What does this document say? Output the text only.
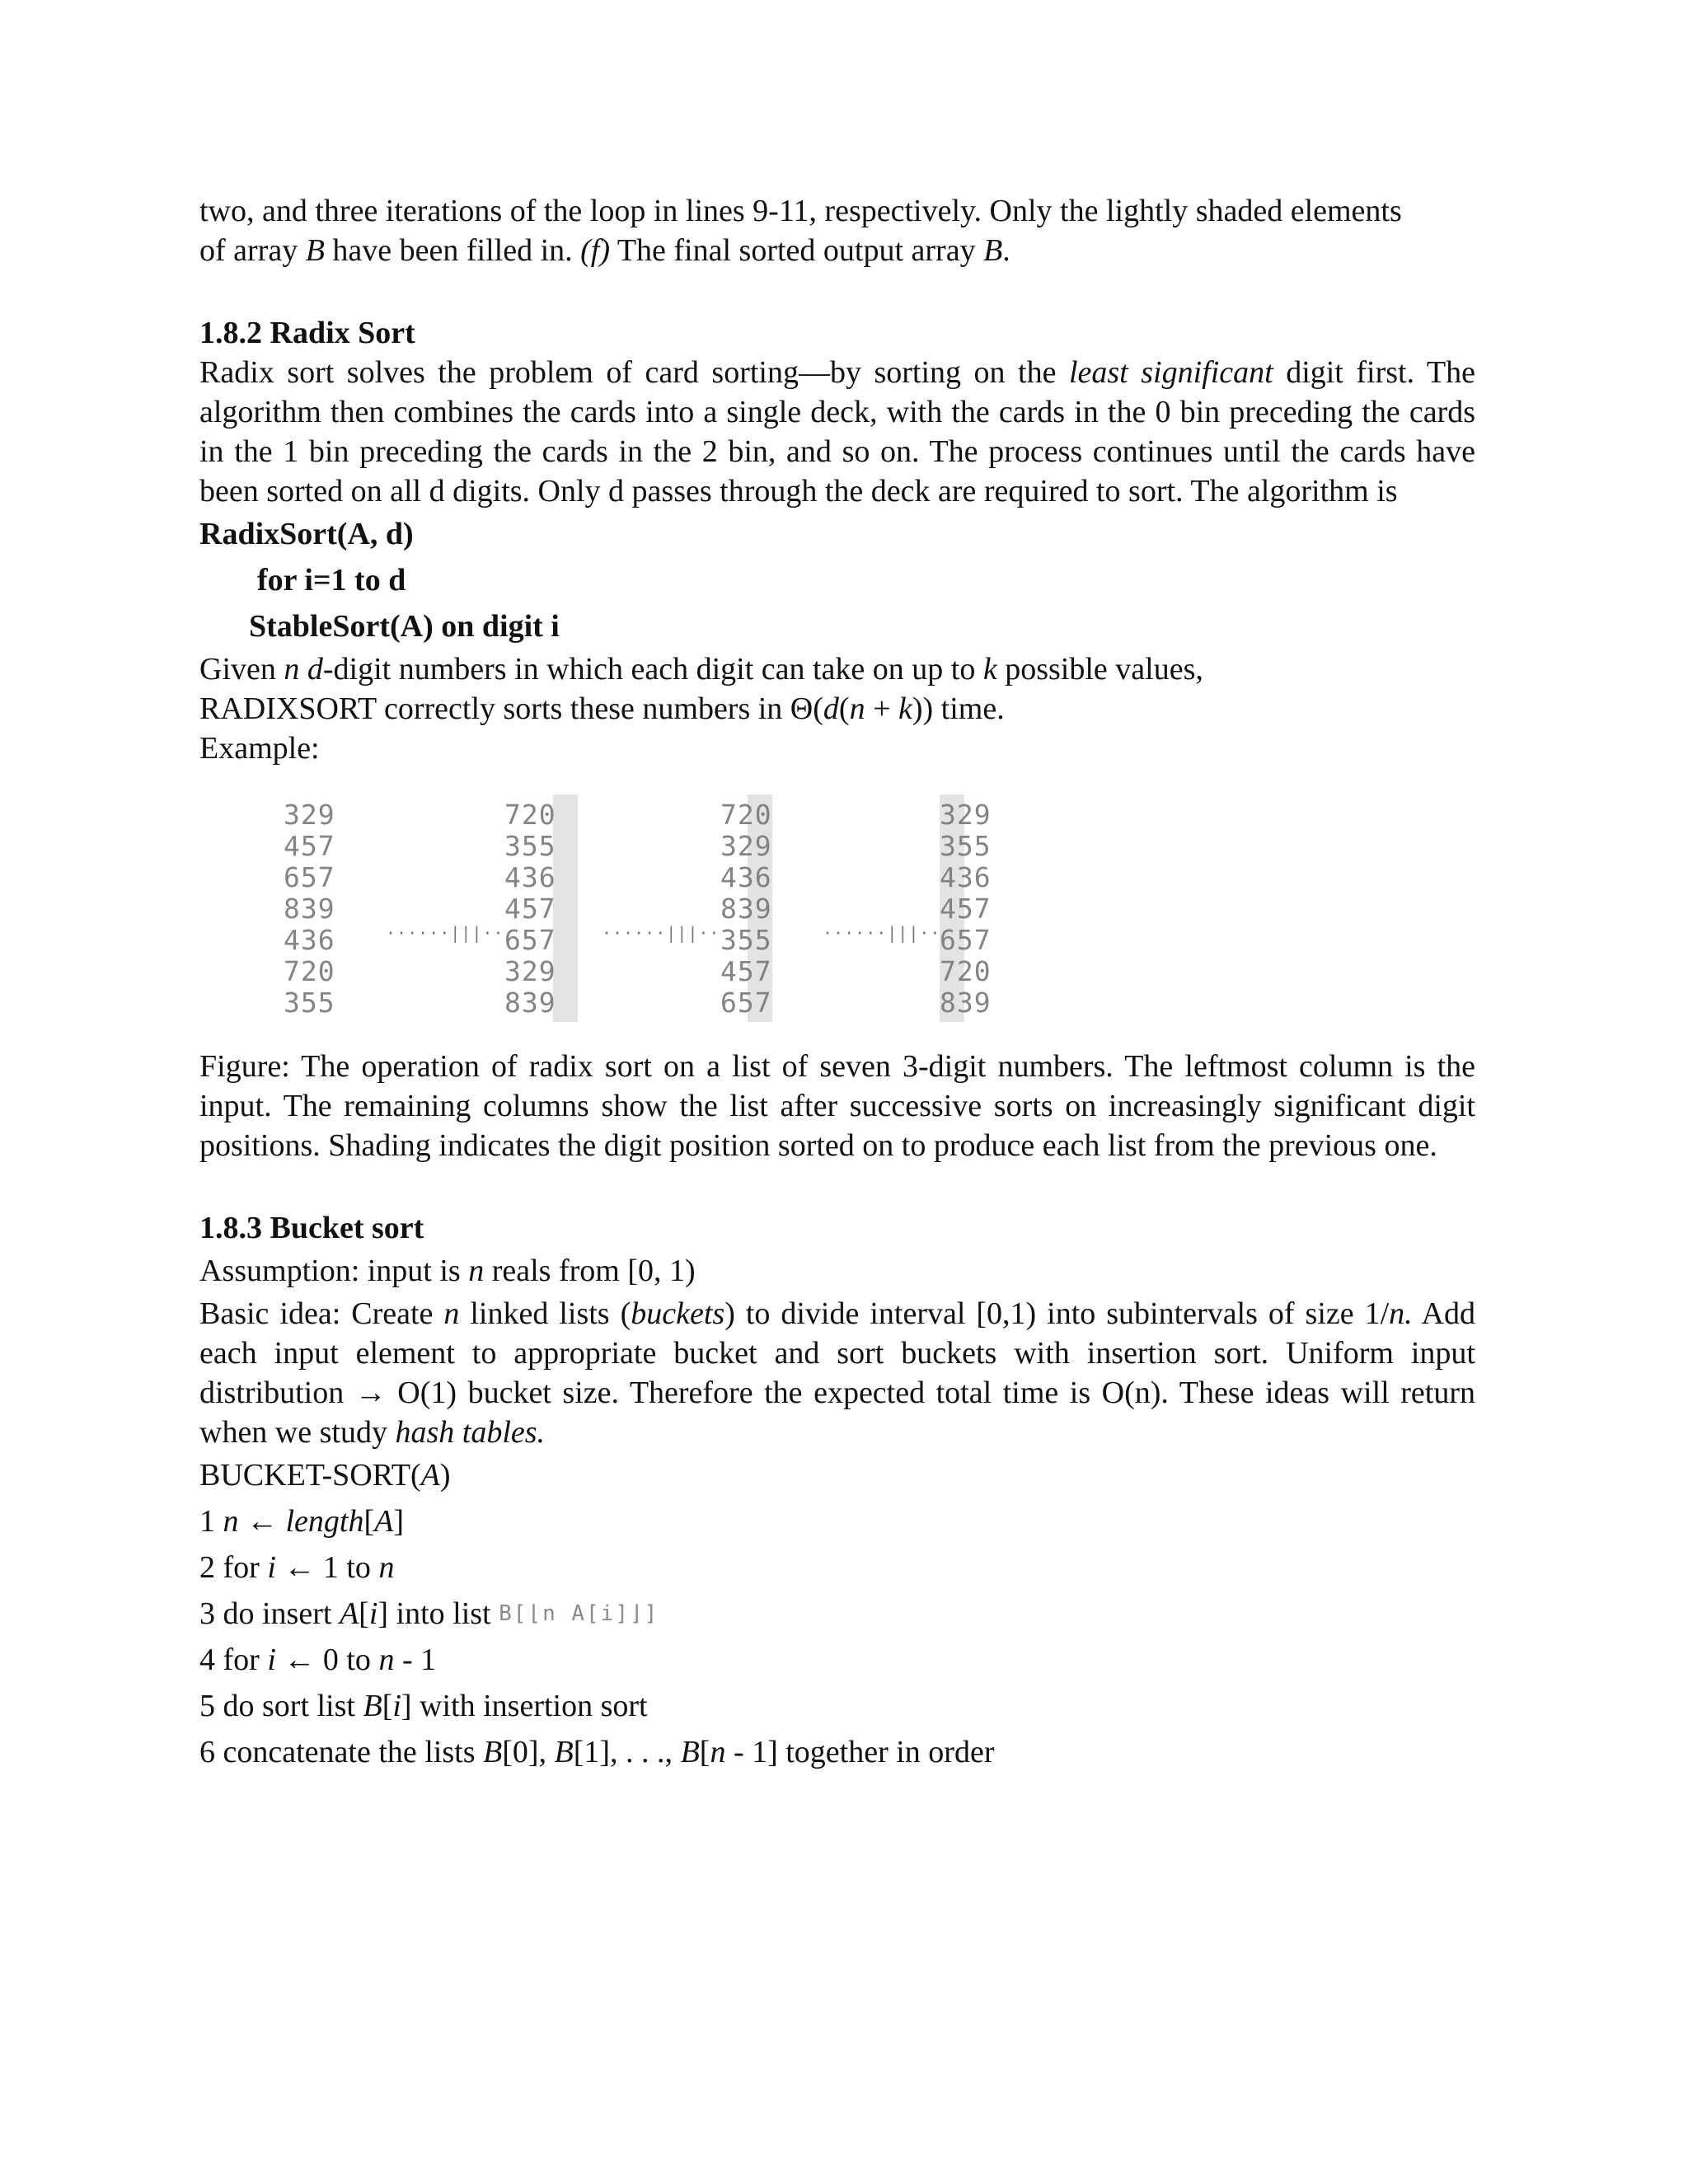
two, and three iterations of the loop in lines 9-11, respectively. Only the lightly shaded elements
of array B have been filled in. (f) The final sorted output array B.

1.8.2 Radix Sort

Radix sort solves the problem of card sorting—by sorting on the least significant digit first. The algorithm then combines the cards into a single deck, with the cards in the 0 bin preceding the cards in the 1 bin preceding the cards in the 2 bin, and so on. The process continues until the cards have been sorted on all d digits. Only d passes through the deck are required to sort. The algorithm is

RadixSort(A, d)

for i=1 to d

StableSort(A) on digit i

Given n d-digit numbers in which each digit can take on up to k possible values,

RADIXSORT correctly sorts these numbers in Θ(d(n + k)) time.

Example:

329
457
657
839
436
720
355
720
355
436
457
657
329
839
720
329
436
839
355
457
657
329
355
436
457
657
720
839
······|||··	······|||··	······|||··

Figure: The operation of radix sort on a list of seven 3-digit numbers. The leftmost column is the input. The remaining columns show the list after successive sorts on increasingly significant digit positions. Shading indicates the digit position sorted on to produce each list from the previous one.

1.8.3 Bucket sort

Assumption: input is n reals from [0, 1)

Basic idea: Create n linked lists (buckets) to divide interval [0,1) into subintervals of size 1/n. Add each input element to appropriate bucket and sort buckets with insertion sort. Uniform input distribution → O(1) bucket size. Therefore the expected total time is O(n). These ideas will return when we study hash tables.

BUCKET-SORT(A)

1 n ← length[A]

2 for i ← 1 to n

3 do insert A[i] into list B[⌊n A[i]⌋]

4 for i ← 0 to n - 1

5 do sort list B[i] with insertion sort

6 concatenate the lists B[0], B[1], . . ., B[n - 1] together in order
